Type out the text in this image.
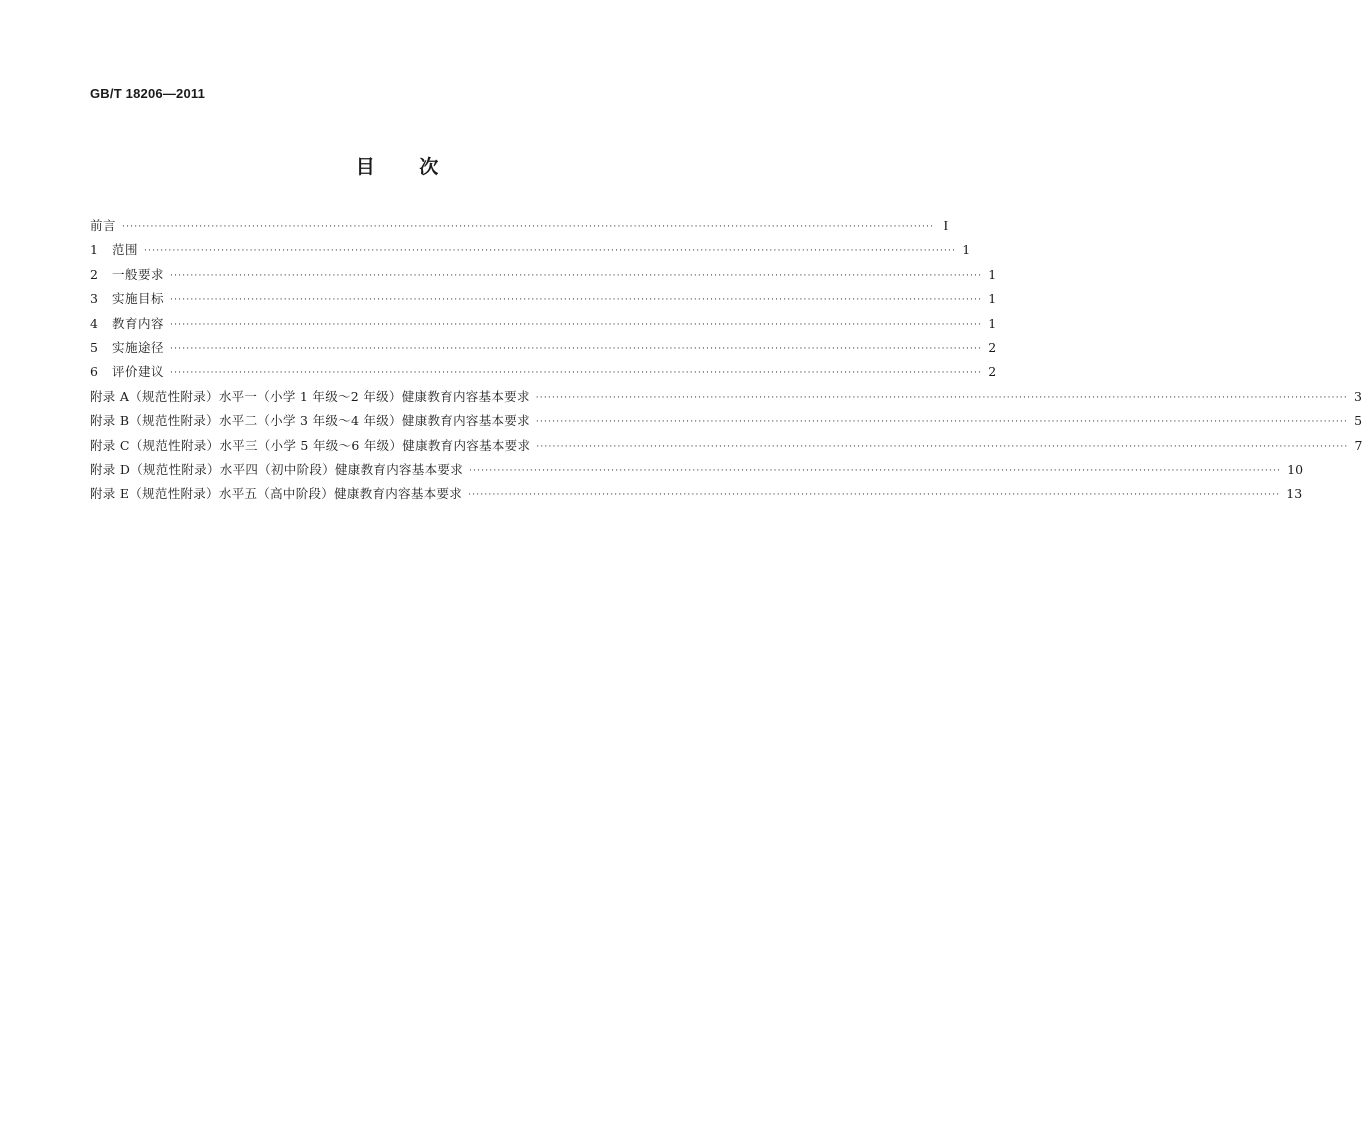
GB/T 18206—2011
目 次
前言 ········································································································································································································ I
1	范围 ········································································································································································································ 1
2	一般要求 ········································································································································································································ 1
3	实施目标 ········································································································································································································ 1
4	教育内容 ········································································································································································································ 1
5	实施途径 ········································································································································································································ 2
6	评价建议 ········································································································································································································ 2
附录 A（规范性附录） 水平一（小学 1 年级～2 年级）健康教育内容基本要求 ········································································································································································································ 3
附录 B（规范性附录） 水平二（小学 3 年级～4 年级）健康教育内容基本要求 ········································································································································································································ 5
附录 C（规范性附录） 水平三（小学 5 年级～6 年级）健康教育内容基本要求 ········································································································································································································ 7
附录 D（规范性附录） 水平四（初中阶段）健康教育内容基本要求 ········································································································································································································ 10
附录 E（规范性附录） 水平五（高中阶段）健康教育内容基本要求 ········································································································································································································ 13
